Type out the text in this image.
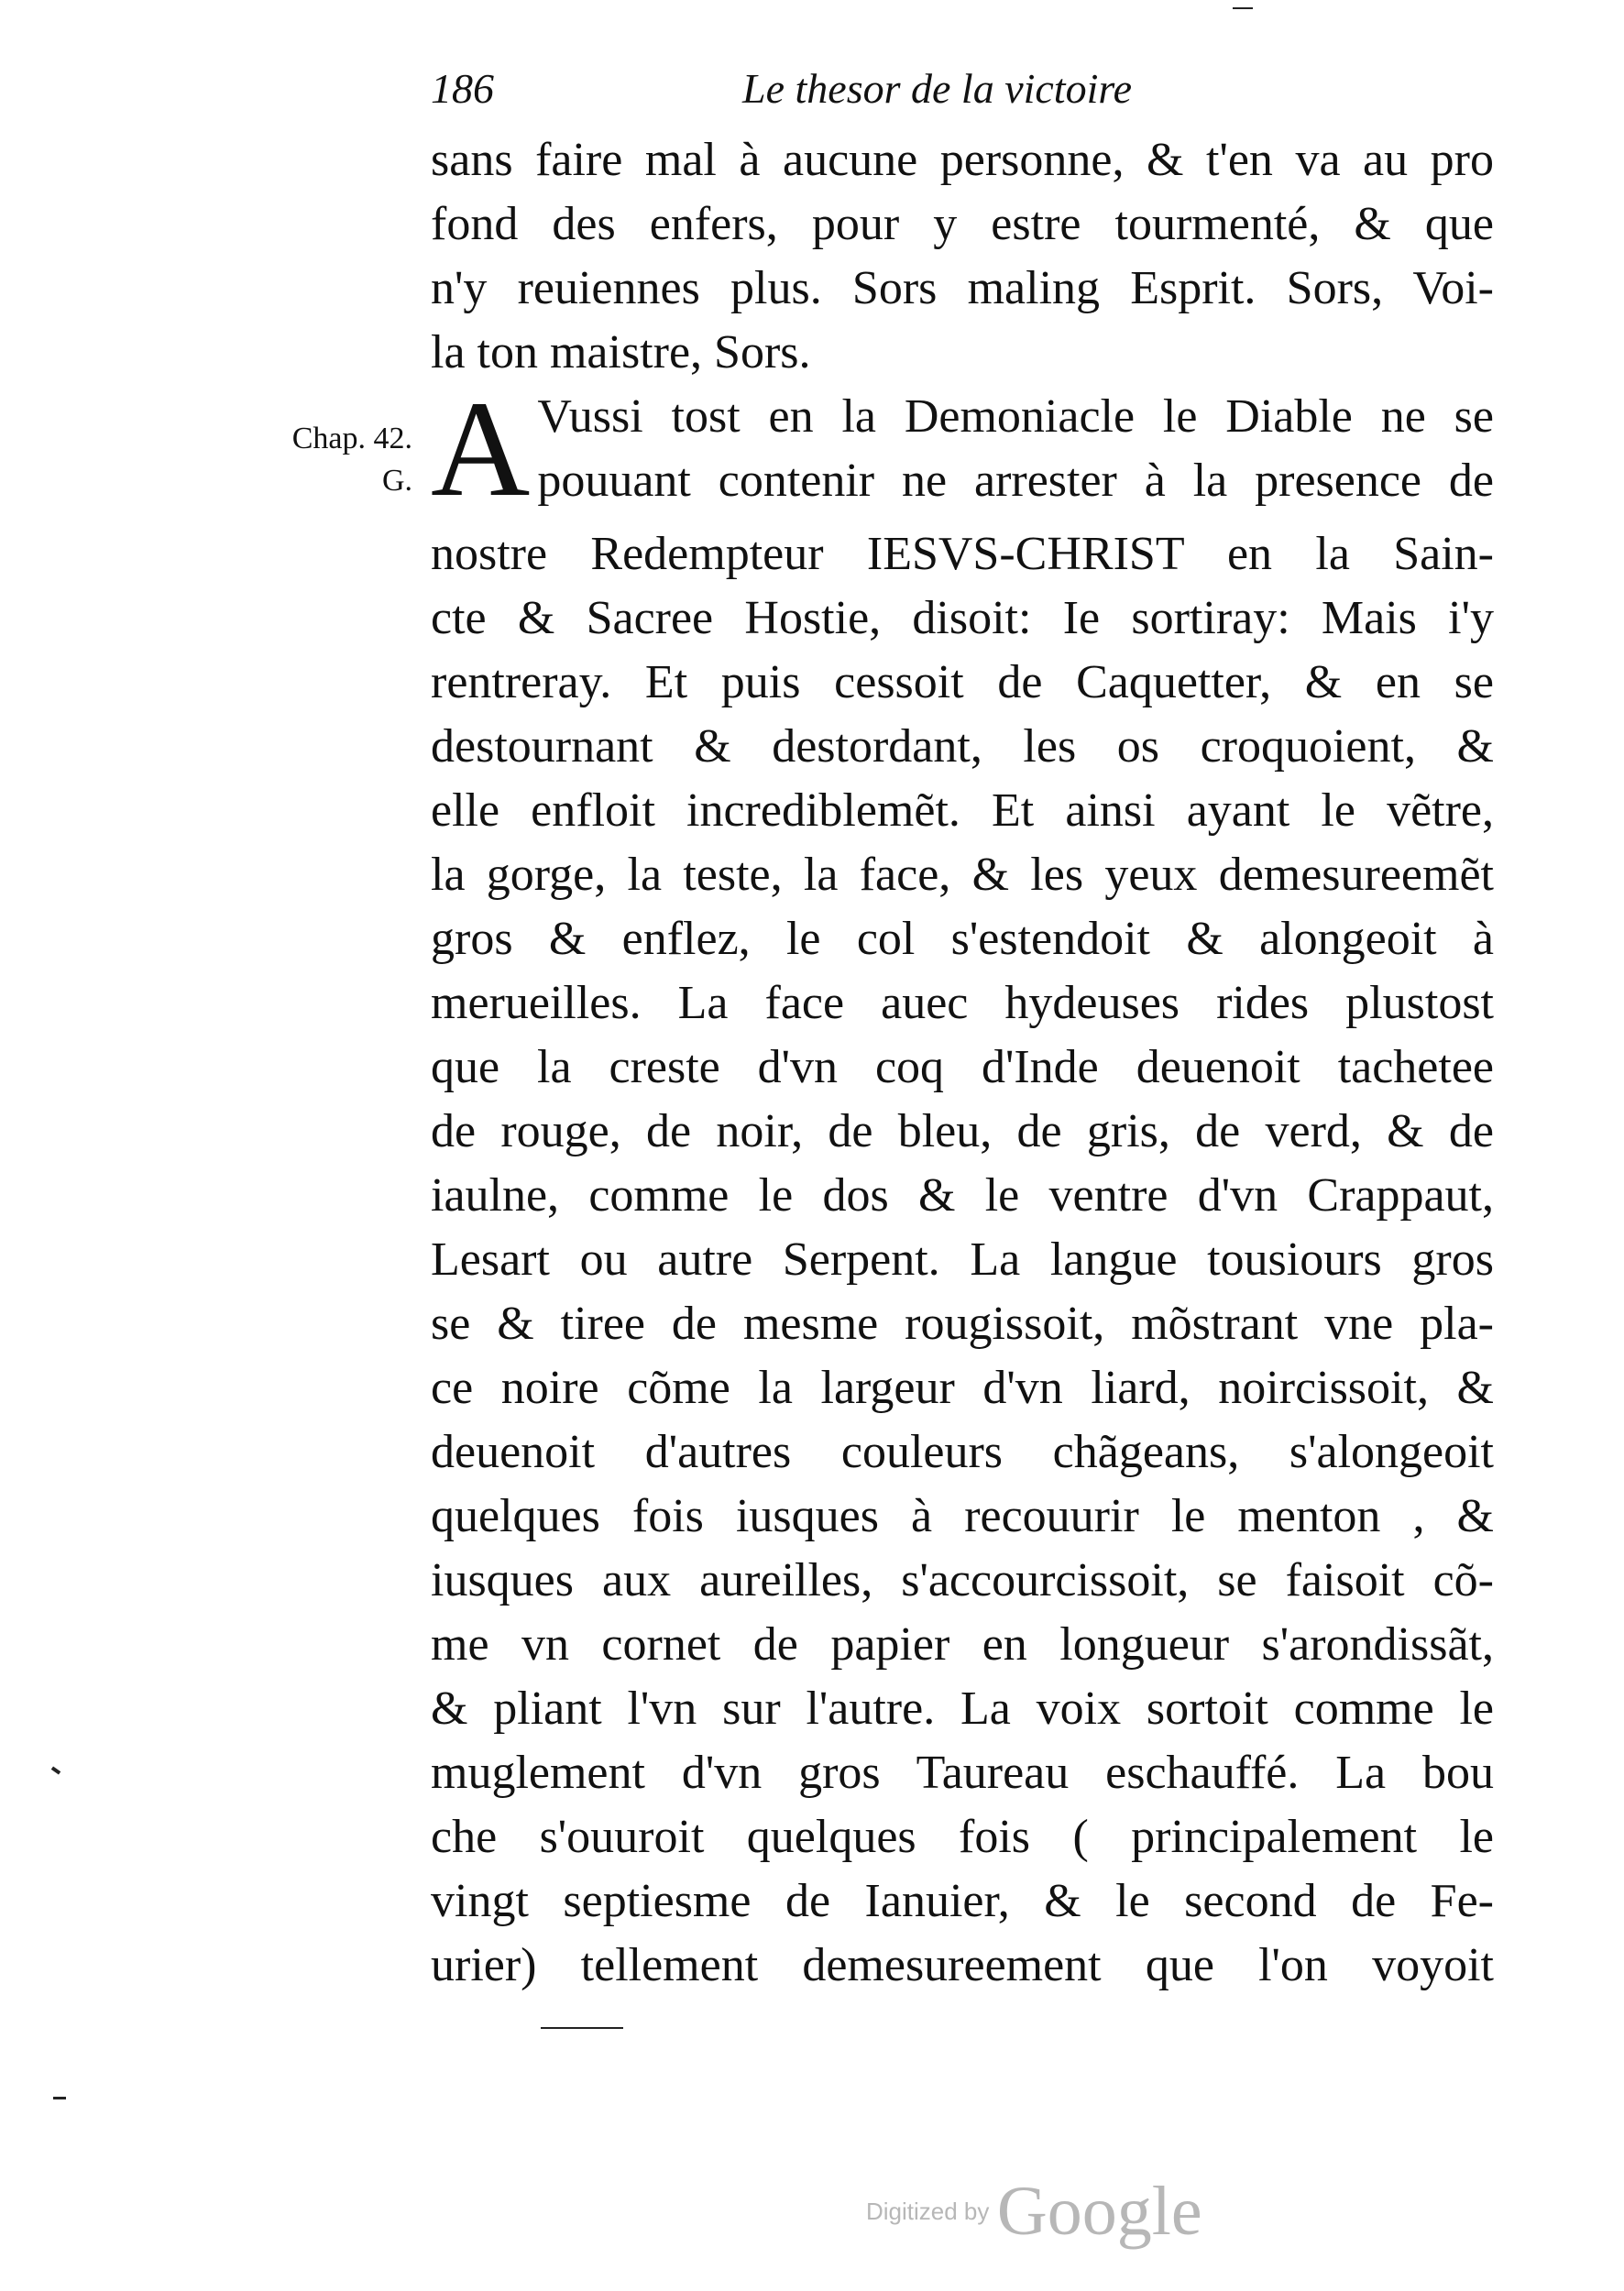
186	Le thesor de la victoire
Chap. 42.
G.
sans faire mal à aucune personne, & t'en va au pro
fond des enfers, pour y estre tourmenté, & que
n'y reuiennes plus. Sors maling Esprit. Sors, Voi-
la ton maistre, Sors.
A Vussi tost en la Demoniacle le Diable ne se
pouuant contenir ne arrester à la presence de
nostre Redempteur IESVS-CHRIST en la Sain-
cte & Sacree Hostie, disoit: Ie sortiray: Mais i'y
rentreray. Et puis cessoit de Caquetter, & en se
destournant & destordant, les os croquoient, &
elle enfloit incrediblemẽt. Et ainsi ayant le vẽtre,
la gorge, la teste, la face, & les yeux demesureemẽt
gros & enflez, le col s'estendoit & alongeoit à
merueilles. La face auec hydeuses rides plustost
que la creste d'vn coq d'Inde deuenoit tachetee
de rouge, de noir, de bleu, de gris, de verd, & de
iaulne, comme le dos & le ventre d'vn Crappaut,
Lesart ou autre Serpent. La langue tousiours gros
se & tiree de mesme rougissoit, mõstrant vne pla-
ce noire cõme la largeur d'vn liard, noircissoit, &
deuenoit d'autres couleurs chãgeans, s'alongeoit
quelques fois iusques à recouurir le menton , &
iusques aux aureilles, s'accourcissoit, se faisoit cõ-
me vn cornet de papier en longueur s'arondissãt,
& pliant l'vn sur l'autre. La voix sortoit comme le
muglement d'vn gros Taureau eschauffé. La bou
che s'ouuroit quelques fois ( principalement le
vingt septiesme de Ianuier, & le second de Fe-
urier) tellement demesureement que l'on voyoit
Digitized by Google
